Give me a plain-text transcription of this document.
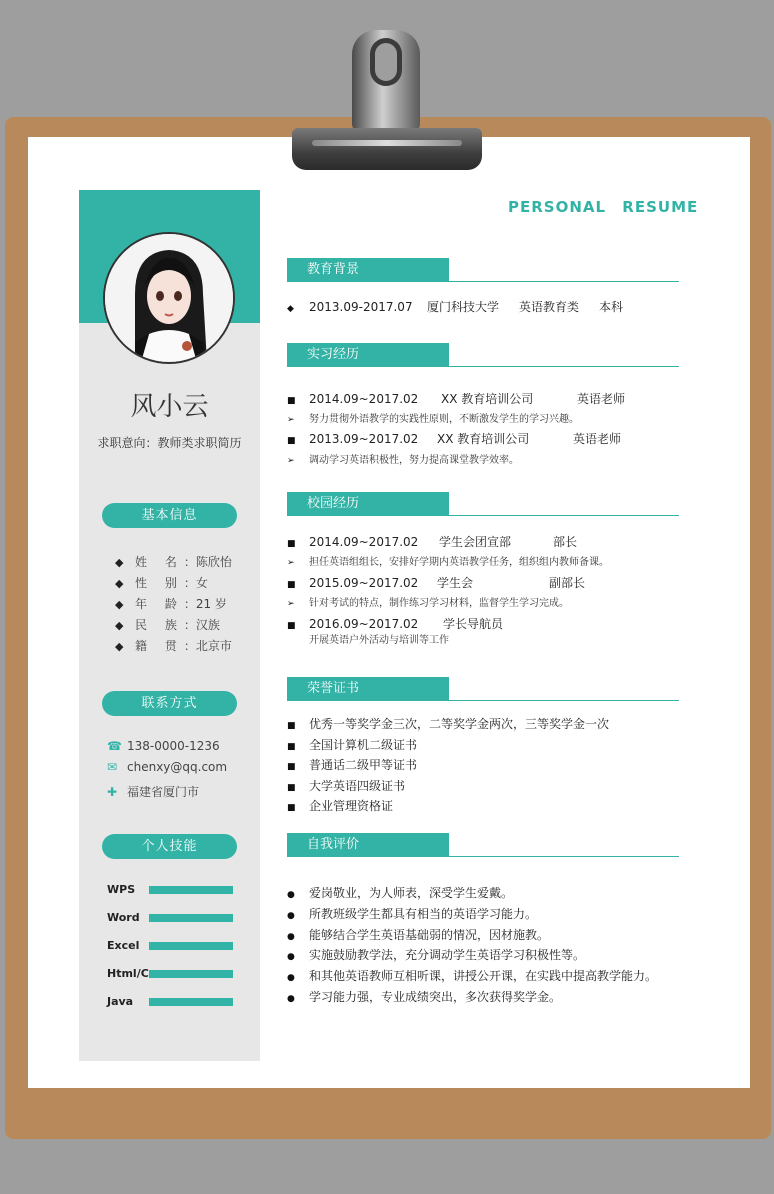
风小云
求职意向：教师类求职简历
基本信息
◆ 姓 名：陈欣怡
◆ 性 别：女
◆ 年 龄：21 岁
◆ 民 族：汉族
◆ 籍 贯：北京市
联系方式
☎ 138-0000-1236
✉ chenxy@qq.com
✚ 福建省厦门市
个人技能
WPS
Word
Excel
Html/C
Java
PERSONAL RESUME
教育背景
◆ 2013.09-2017.07 厦门科技大学 英语教育类 本科
实习经历
■ 2014.09~2017.02 XX 教育培训公司	英语老师
➢ 努力贯彻外语教学的实践性原则，不断激发学生的学习兴趣。
■ 2013.09~2017.02 XX 教育培训公司	英语老师
➢ 调动学习英语积极性，努力提高课堂教学效率。
校园经历
■ 2014.09~2017.02 学生会团宣部	部长
➢ 担任英语组组长，安排好学期内英语教学任务，组织组内教师备课。
■ 2015.09~2017.02 学生会	副部长
➢ 针对考试的特点，制作练习学习材料，监督学生学习完成。
■ 2016.09~2017.02 学长导航员
开展英语户外活动与培训等工作
荣誉证书
■ 优秀一等奖学金三次，二等奖学金两次，三等奖学金一次
■ 全国计算机二级证书
■ 普通话二级甲等证书
■ 大学英语四级证书
■ 企业管理资格证
自我评价
● 爱岗敬业，为人师表，深受学生爱戴。
● 所教班级学生都具有相当的英语学习能力。
● 能够结合学生英语基础弱的情况，因材施教。
● 实施鼓励教学法，充分调动学生英语学习积极性等。
● 和其他英语教师互相听课，讲授公开课，在实践中提高教学能力。
● 学习能力强，专业成绩突出，多次获得奖学金。
